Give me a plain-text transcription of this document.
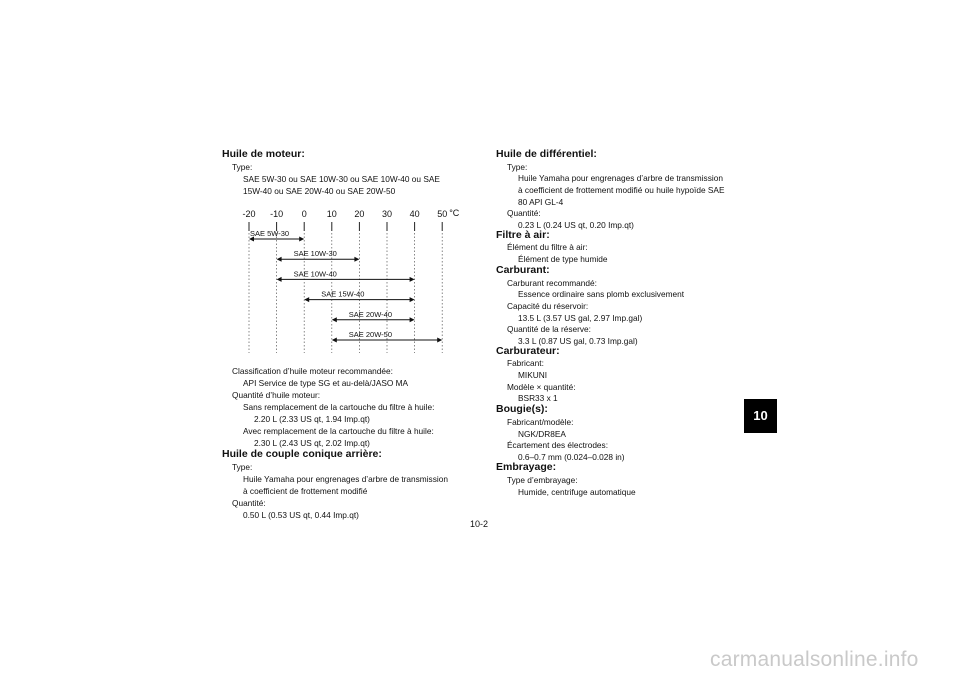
Huile de moteur:
Type:
SAE 5W-30 ou SAE 10W-30 ou SAE 10W-40 ou SAE
15W-40 ou SAE 20W-40 ou SAE 20W-50
-20 -10 0 10 20 30 40 50 °C
SAE 5W-30
SAE 10W-30
SAE 10W-40
SAE 15W-40
SAE 20W-40
SAE 20W-50
Classification d’huile moteur recommandée:
API Service de type SG et au-delà/JASO MA
Quantité d’huile moteur:
Sans remplacement de la cartouche du filtre à huile:
2.20 L (2.33 US qt, 1.94 Imp.qt)
Avec remplacement de la cartouche du filtre à huile:
2.30 L (2.43 US qt, 2.02 Imp.qt)
Huile de couple conique arrière:
Type:
Huile Yamaha pour engrenages d’arbre de transmission
à coefficient de frottement modifié
Quantité:
0.50 L (0.53 US qt, 0.44 Imp.qt)
Huile de différentiel:
Type:
Huile Yamaha pour engrenages d’arbre de transmission
à coefficient de frottement modifié ou huile hypoïde SAE
80 API GL-4
Quantité:
0.23 L (0.24 US qt, 0.20 Imp.qt)
Filtre à air:
Élément du filtre à air:
Élément de type humide
Carburant:
Carburant recommandé:
Essence ordinaire sans plomb exclusivement
Capacité du réservoir:
13.5 L (3.57 US gal, 2.97 Imp.gal)
Quantité de la réserve:
3.3 L (0.87 US gal, 0.73 Imp.gal)
Carburateur:
Fabricant:
MIKUNI
Modèle × quantité:
BSR33 x 1
Bougie(s):
Fabricant/modèle:
NGK/DR8EA
Écartement des électrodes:
0.6–0.7 mm (0.024–0.028 in)
Embrayage:
Type d’embrayage:
Humide, centrifuge automatique
10
10-2
carmanualsonline.info
